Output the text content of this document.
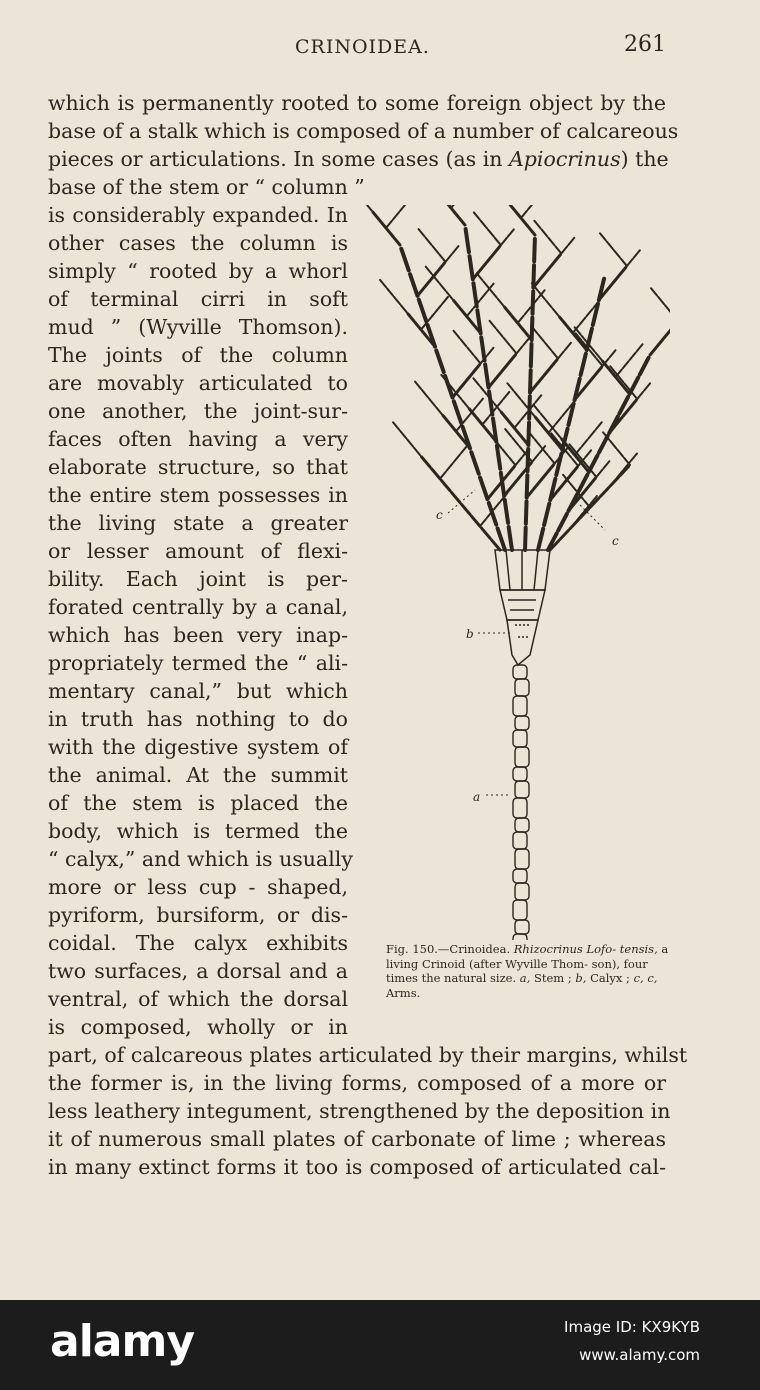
CRINOIDEA.	261
which is permanently rooted to some foreign object by the
base of a stalk which is composed of a number of calcareous
pieces or articulations. In some cases (as in Apiocrinus) the
base of the stem or “ column ”
is considerably expanded. In
other cases the column is
simply “ rooted by a whorl
of terminal cirri in soft
mud ” (Wyville Thomson).
The joints of the column
are movably articulated to
one another, the joint-sur-
faces often having a very
elaborate structure, so that
the entire stem possesses in
the living state a greater
or lesser amount of flexi-
bility. Each joint is per-
forated centrally by a canal,
which has been very inap-
propriately termed the “ ali-
mentary canal,” but which
in truth has nothing to do
with the digestive system of
the animal. At the summit
of the stem is placed the
body, which is termed the
“ calyx,” and which is usually
more or less cup - shaped,
pyriform, bursiform, or dis-
coidal. The calyx exhibits
two surfaces, a dorsal and a
ventral, of which the dorsal
is composed, wholly or in
part, of calcareous plates articulated by their margins, whilst
the former is, in the living forms, composed of a more or
less leathery integument, strengthened by the deposition in
it of numerous small plates of carbonate of lime ; whereas
in many extinct forms it too is composed of articulated cal-
c
c
b
a
Fig. 150.—Crinoidea. Rhizocrinus Lofo- tensis, a living Crinoid (after Wyville Thom- son), four times the natural size. a, Stem ; b, Calyx ; c, c, Arms.
alamy	Image ID: KX9KYB
www.alamy.com
